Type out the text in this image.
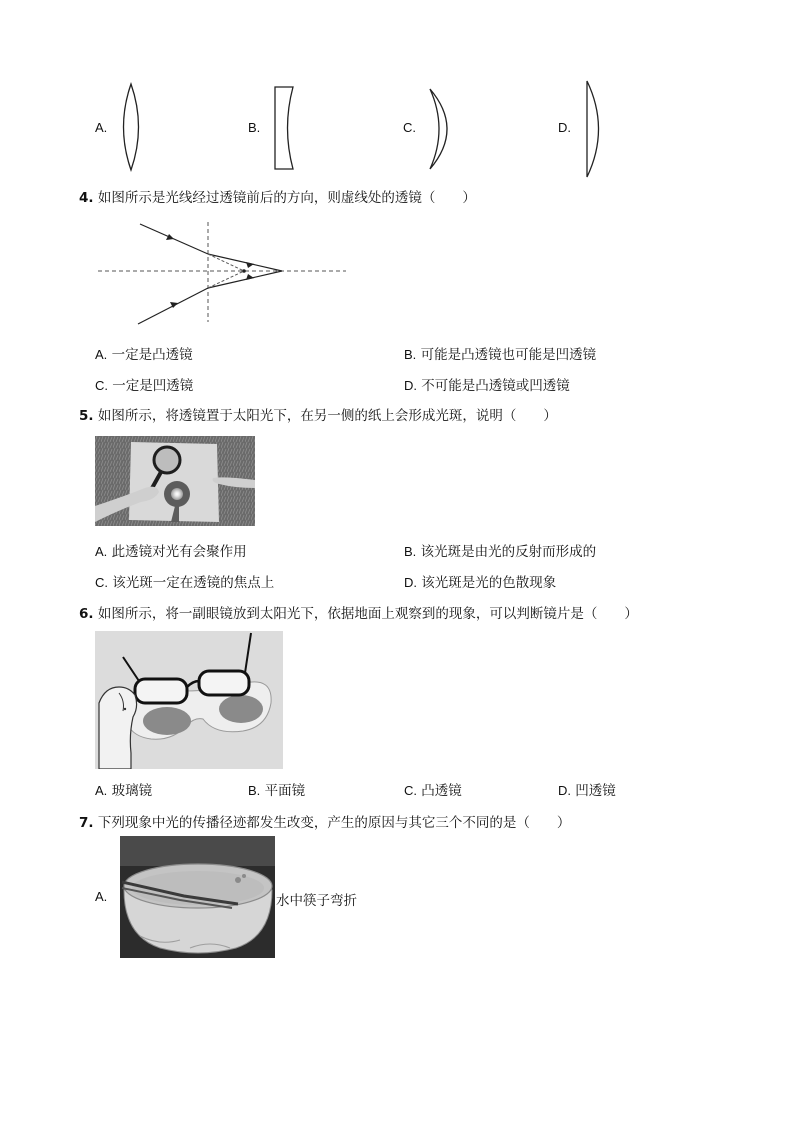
A.	B.	C.	D.
4. 如图所示是光线经过透镜前后的方向，则虚线处的透镜（　　）
A. 一定是凸透镜	B. 可能是凸透镜也可能是凹透镜
C. 一定是凹透镜	D. 不可能是凸透镜或凹透镜
5. 如图所示，将透镜置于太阳光下，在另一侧的纸上会形成光斑，说明（　　）
A. 此透镜对光有会聚作用	B. 该光斑是由光的反射而形成的
C. 该光斑一定在透镜的焦点上	D. 该光斑是光的色散现象
6. 如图所示，将一副眼镜放到太阳光下，依据地面上观察到的现象，可以判断镜片是（　　）
A. 玻璃镜	B. 平面镜	C. 凸透镜	D. 凹透镜
7. 下列现象中光的传播径迹都发生改变，产生的原因与其它三个不同的是（　　）
A.	水中筷子弯折
